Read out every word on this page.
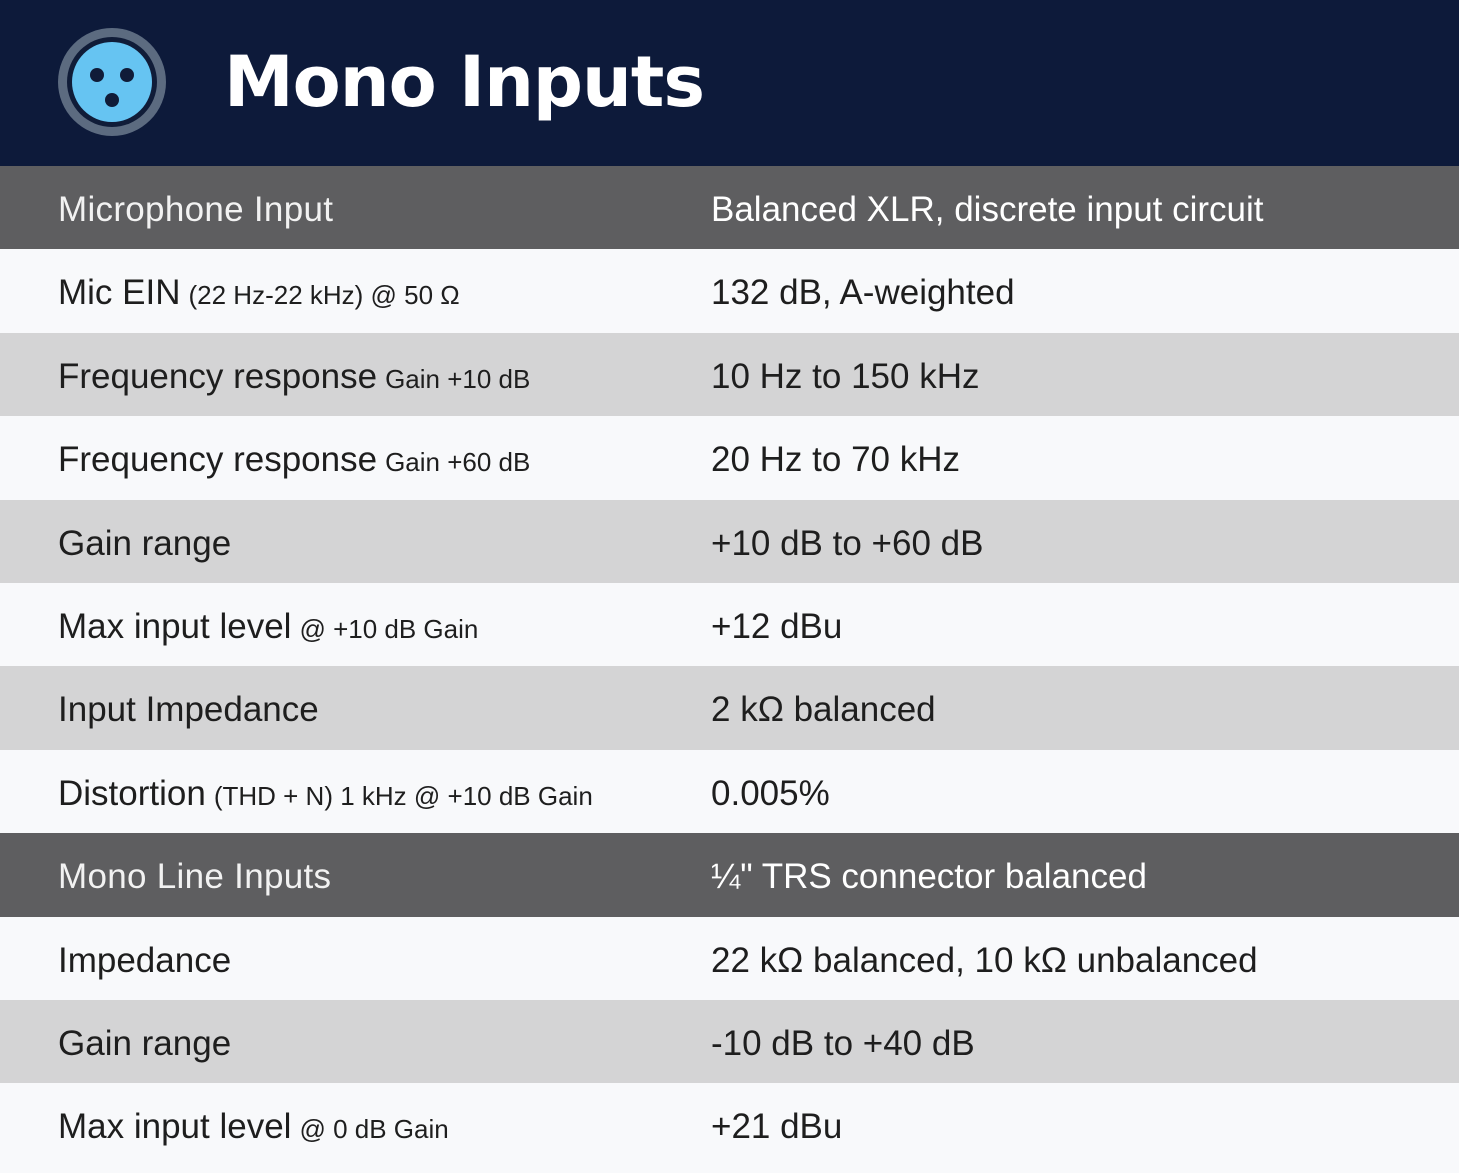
Mono Inputs
Microphone Input	Balanced XLR, discrete input circuit
Mic EIN (22 Hz-22 kHz) @ 50 Ω	132 dB, A-weighted
Frequency response Gain +10 dB	10 Hz to 150 kHz
Frequency response Gain +60 dB	20 Hz to 70 kHz
Gain range	+10 dB to +60 dB
Max input level @ +10 dB Gain	+12 dBu
Input Impedance	2 kΩ balanced
Distortion (THD + N) 1 kHz @ +10 dB Gain	0.005%
Mono Line Inputs	¼" TRS connector balanced
Impedance	22 kΩ balanced, 10 kΩ unbalanced
Gain range	-10 dB to +40 dB
Max input level @ 0 dB Gain	+21 dBu
